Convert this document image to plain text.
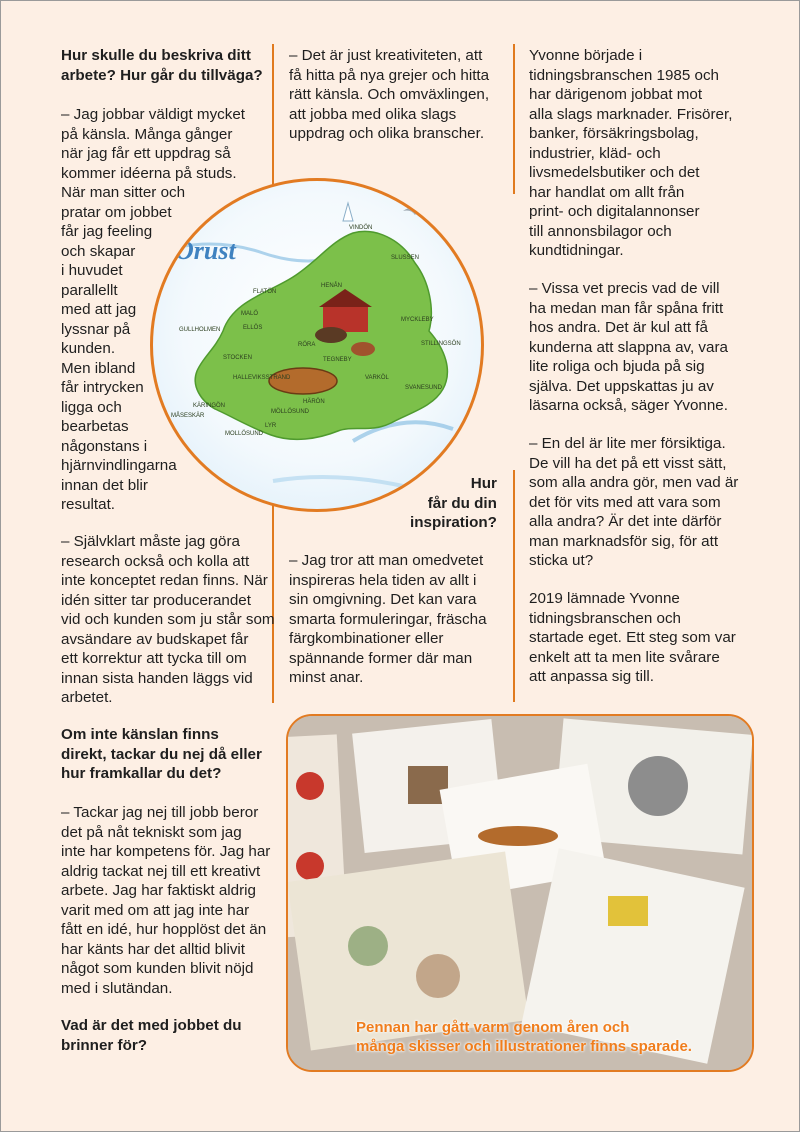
Hur skulle du beskriva ditt
arbete? Hur går du tillväga?

– Jag jobbar väldigt mycket
på känsla. Många gånger
när jag får ett uppdrag så
kommer idéerna på studs.
När man sitter och
pratar om jobbet
får jag feeling
och skapar
i huvudet
parallellt
med att jag
lyssnar på
kunden.
Men ibland
får intrycken
ligga och
bearbetas
någonstans i
hjärnvindlingarna
innan det blir
resultat.

– Självklart måste jag göra
research också och kolla att
inte konceptet redan finns. När
idén sitter tar producerandet
vid och kunden som ju står som
avsändare av budskapet får
ett korrektur att tycka till om
innan sista handen läggs vid
arbetet.

Om inte känslan finns
direkt, tackar du nej då eller
hur framkallar du det?

– Tackar jag nej till jobb beror
det på nåt tekniskt som jag
inte har kompetens för. Jag har
aldrig tackat nej till ett kreativt
arbete. Jag har faktiskt aldrig
varit med om att jag inte har
fått en idé, hur hopplöst det än
har känts har det alltid blivit
något som kunden blivit nöjd
med i slutändan.

Vad är det med jobbet du
brinner för?

– Det är just kreativiteten, att
få hitta på nya grejer och hitta
rätt känsla. Och omväxlingen,
att jobba med olika slags
uppdrag och olika branscher.

Hur
får du din
inspiration?

– Jag tror att man omedvetet
inspireras hela tiden av allt i
sin omgivning. Det kan vara
smarta formuleringar, fräscha
färgkombinationer eller
spännande former där man
minst anar.

Yvonne började i
tidningsbranschen 1985 och
har därigenom jobbat mot
alla slags marknader. Frisörer,
banker, försäkringsbolag,
industrier, kläd- och
livsmedelsbutiker och det
har handlat om allt från
print- och digitalannonser
till annonsbilagor och
kundtidningar.

– Vissa vet precis vad de vill
ha medan man får spåna fritt
hos andra. Det är kul att få
kunderna att slappna av, vara
lite roliga och bjuda på sig
själva. Det uppskattas ju av
läsarna också, säger Yvonne.

– En del är lite mer försiktiga.
De vill ha det på ett visst sätt,
som alla andra gör, men vad är
det för vits med att vara som
alla andra? Är det inte därför
man marknadsför sig, för att
sticka ut?

2019 lämnade Yvonne
tidningsbranschen och
startade eget. Ett steg som var
enkelt att ta men lite svårare
att anpassa sig till.

Orust
VINDÖN
SLUSSEN
FLATÖN
HENÅN
MALÖ
ELLÖS
MYCKLEBY
GULLHOLMEN
RÖRA	STILLINGSÖN
STOCKEN	TEGNEBY
HALLEVIKSSTRAND	VARKÖL
SVANESUND
KÄRINGÖN
MÖLLÖSUND
HÄRÖN
MÅSESKÄR
LYR
MOLLÖSUND
Pennan har gått varm genom åren och
många skisser och illustrationer finns sparade.
